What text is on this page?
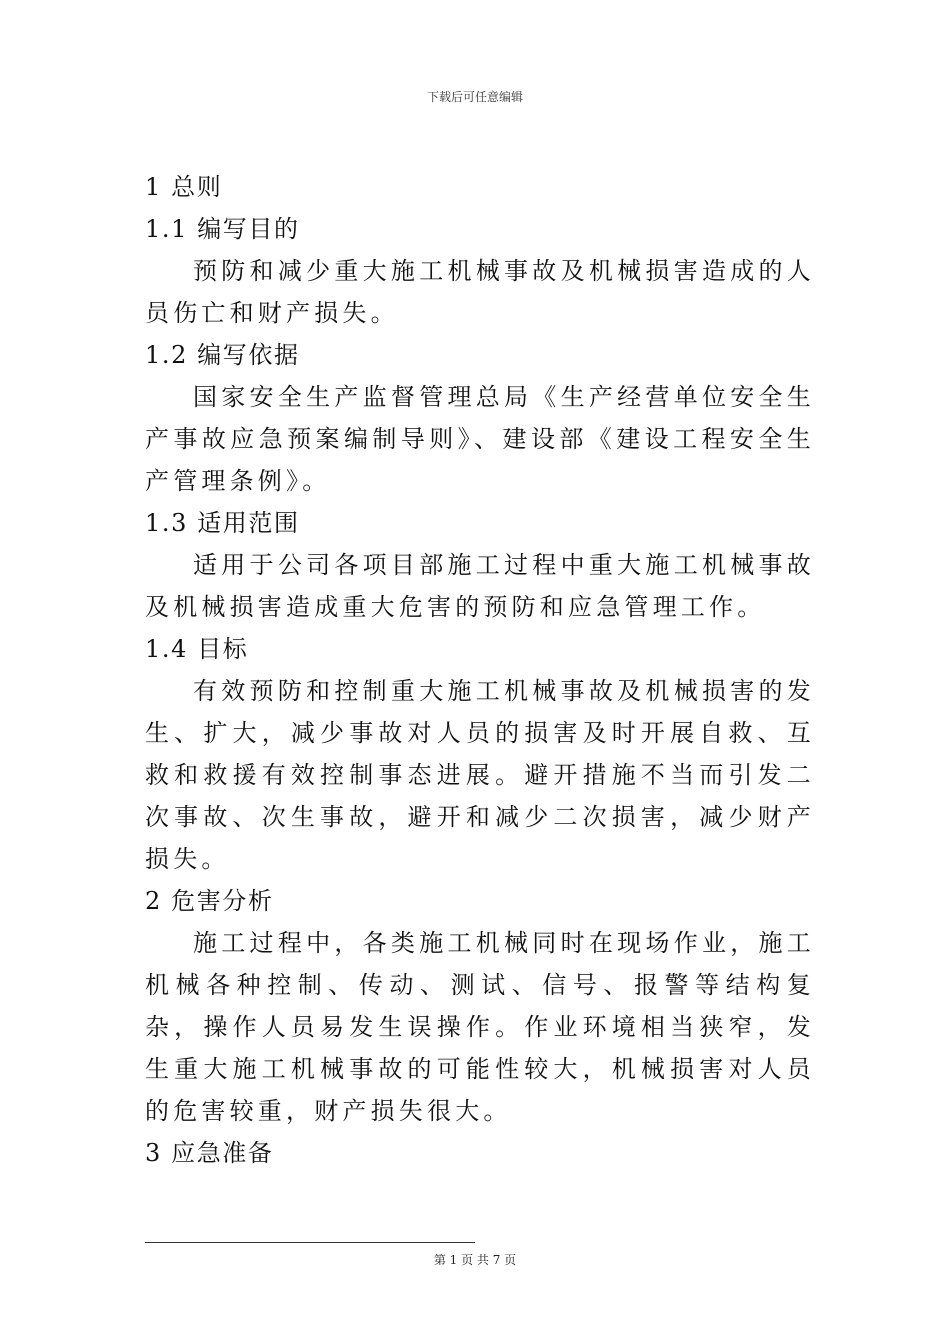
下载后可任意编辑
1 总则
1.1 编写目的
预防和减少重大施工机械事故及机械损害造成的人员伤亡和财产损失。
1.2 编写依据
国家安全生产监督管理总局《生产经营单位安全生产事故应急预案编制导则》、建设部《建设工程安全生产管理条例》。
1.3 适用范围
适用于公司各项目部施工过程中重大施工机械事故及机械损害造成重大危害的预防和应急管理工作。
1.4 目标
有效预防和控制重大施工机械事故及机械损害的发生、扩大，减少事故对人员的损害及时开展自救、互救和救援有效控制事态进展。避开措施不当而引发二次事故、次生事故，避开和减少二次损害，减少财产损失。
2 危害分析
施工过程中，各类施工机械同时在现场作业，施工机械各种控制、传动、测试、信号、报警等结构复杂，操作人员易发生误操作。作业环境相当狭窄，发生重大施工机械事故的可能性较大，机械损害对人员的危害较重，财产损失很大。
3 应急准备
第 1 页 共 7 页
